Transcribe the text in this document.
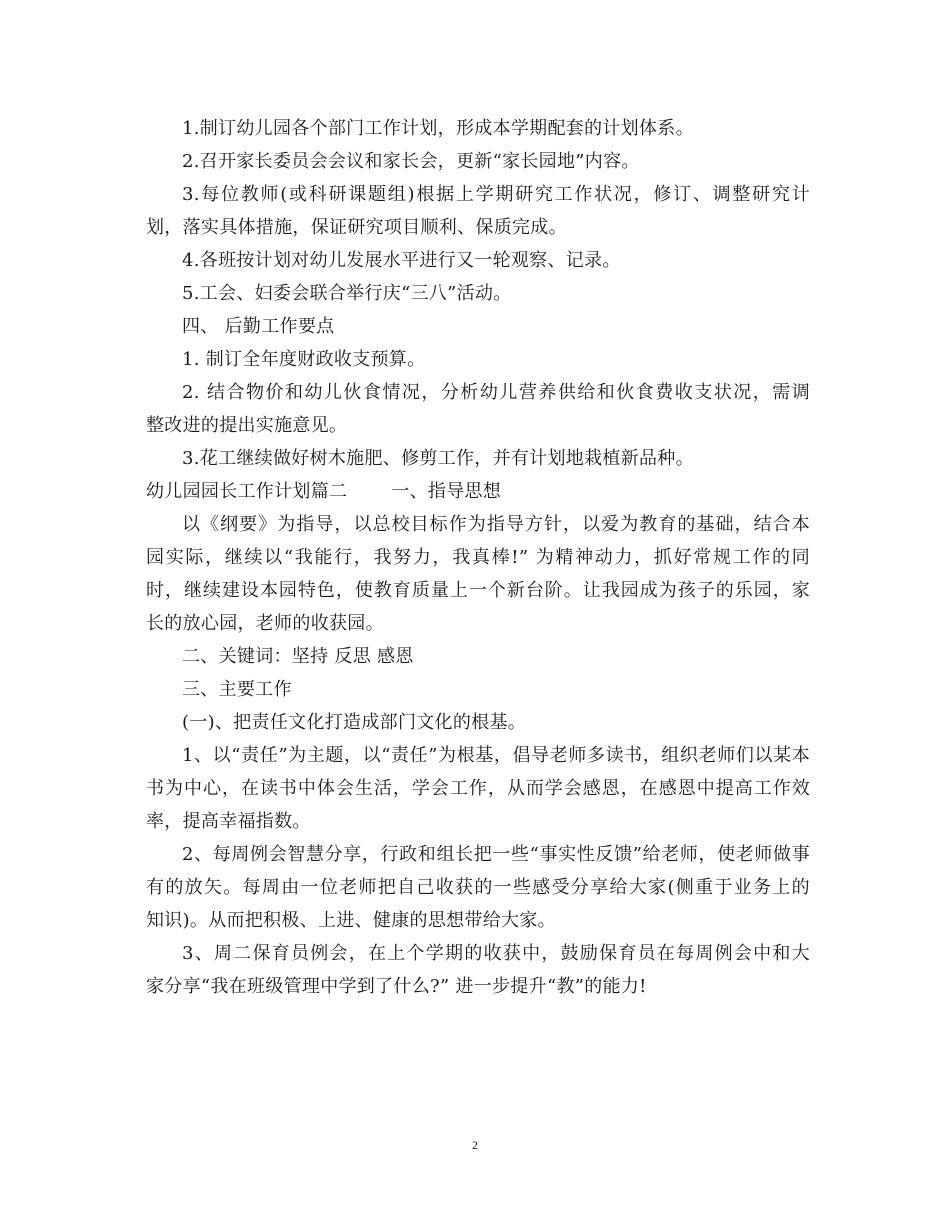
1.制订幼儿园各个部门工作计划，形成本学期配套的计划体系。
2.召开家长委员会会议和家长会，更新“家长园地”内容。
3.每位教师(或科研课题组)根据上学期研究工作状况，修订、调整研究计
划，落实具体措施，保证研究项目顺利、保质完成。
4.各班按计划对幼儿发展水平进行又一轮观察、记录。
5.工会、妇委会联合举行庆“三八”活动。
四、 后勤工作要点
1. 制订全年度财政收支预算。
2. 结合物价和幼儿伙食情况，分析幼儿营养供给和伙食费收支状况，需调
整改进的提出实施意见。
3.花工继续做好树木施肥、修剪工作，并有计划地栽植新品种。
幼儿园园长工作计划篇二 一、指导思想
以《纲要》为指导，以总校目标作为指导方针，以爱为教育的基础，结合本
园实际，继续以“我能行，我努力，我真棒!” 为精神动力，抓好常规工作的同
时，继续建设本园特色，使教育质量上一个新台阶。让我园成为孩子的乐园，家
长的放心园，老师的收获园。
二、关键词：坚持 反思 感恩
三、主要工作
(一)、把责任文化打造成部门文化的根基。
1、以“责任”为主题，以“责任”为根基，倡导老师多读书，组织老师们以某本
书为中心，在读书中体会生活，学会工作，从而学会感恩，在感恩中提高工作效
率，提高幸福指数。
2、每周例会智慧分享，行政和组长把一些“事实性反馈”给老师，使老师做事
有的放矢。每周由一位老师把自己收获的一些感受分享给大家(侧重于业务上的
知识)。从而把积极、上进、健康的思想带给大家。
3、周二保育员例会，在上个学期的收获中，鼓励保育员在每周例会中和大
家分享“我在班级管理中学到了什么?” 进一步提升“教”的能力!
2
